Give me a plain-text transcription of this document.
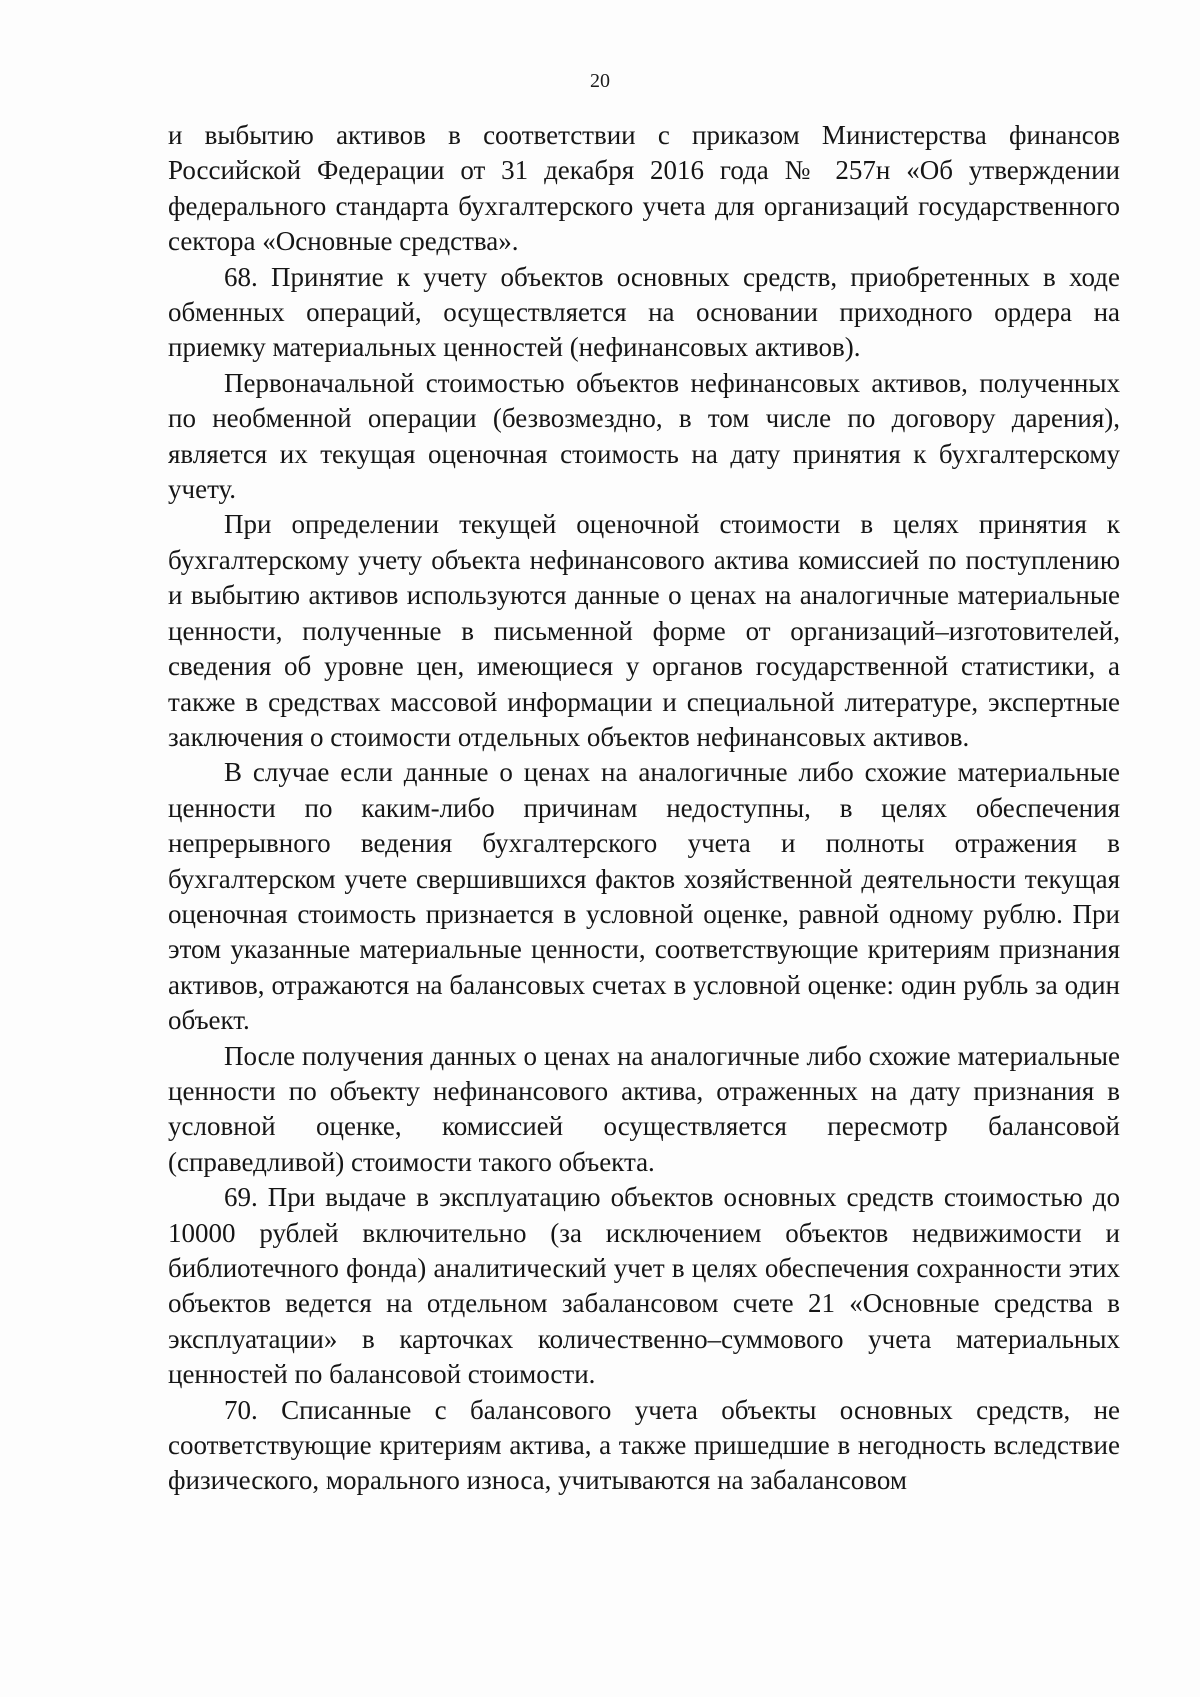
20

и выбытию активов в соответствии с приказом Министерства финансов Российской Федерации от 31 декабря 2016 года № 257н «Об утверждении федерального стандарта бухгалтерского учета для организаций государственного сектора «Основные средства».

68. Принятие к учету объектов основных средств, приобретенных в ходе обменных операций, осуществляется на основании приходного ордера на приемку материальных ценностей (нефинансовых активов).

Первоначальной стоимостью объектов нефинансовых активов, полученных по необменной операции (безвозмездно, в том числе по договору дарения), является их текущая оценочная стоимость на дату принятия к бухгалтерскому учету.

При определении текущей оценочной стоимости в целях принятия к бухгалтерскому учету объекта нефинансового актива комиссией по поступлению и выбытию активов используются данные о ценах на аналогичные материальные ценности, полученные в письменной форме от организаций–изготовителей, сведения об уровне цен, имеющиеся у органов государственной статистики, а также в средствах массовой информации и специальной литературе, экспертные заключения о стоимости отдельных объектов нефинансовых активов.

В случае если данные о ценах на аналогичные либо схожие материальные ценности по каким-либо причинам недоступны, в целях обеспечения непрерывного ведения бухгалтерского учета и полноты отражения в бухгалтерском учете свершившихся фактов хозяйственной деятельности текущая оценочная стоимость признается в условной оценке, равной одному рублю. При этом указанные материальные ценности, соответствующие критериям признания активов, отражаются на балансовых счетах в условной оценке: один рубль за один объект.

После получения данных о ценах на аналогичные либо схожие материальные ценности по объекту нефинансового актива, отраженных на дату признания в условной оценке, комиссией осуществляется пересмотр балансовой (справедливой) стоимости такого объекта.

69. При выдаче в эксплуатацию объектов основных средств стоимостью до 10000 рублей включительно (за исключением объектов недвижимости и библиотечного фонда) аналитический учет в целях обеспечения сохранности этих объектов ведется на отдельном забалансовом счете 21 «Основные средства в эксплуатации» в карточках количественно–суммового учета материальных ценностей по балансовой стоимости.

70. Списанные с балансового учета объекты основных средств, не соответствующие критериям актива, а также пришедшие в негодность вследствие физического, морального износа, учитываются на забалансовом
